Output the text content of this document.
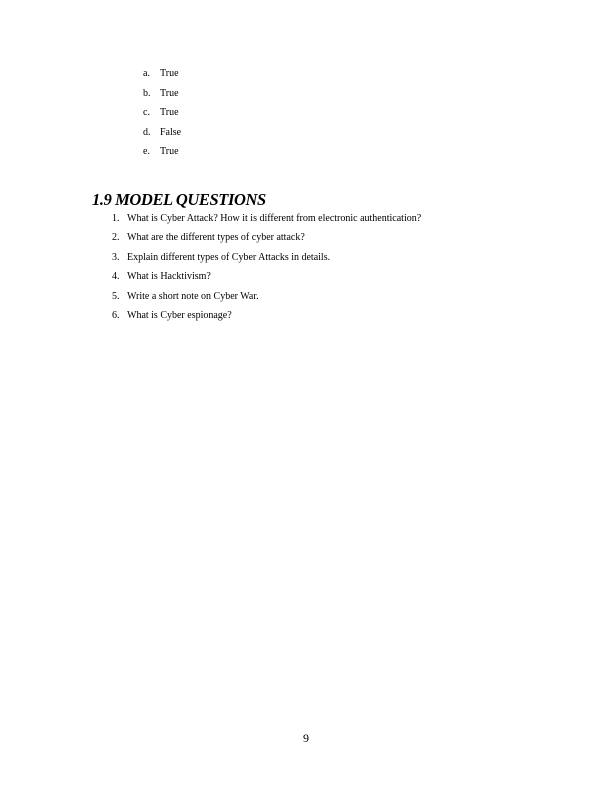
a. True
b. True
c. True
d. False
e. True
1.9 MODEL QUESTIONS
1. What is Cyber Attack? How it is different from electronic authentication?
2. What are the different types of cyber attack?
3. Explain different types of Cyber Attacks in details.
4. What is Hacktivism?
5. Write a short note on Cyber War.
6. What is Cyber espionage?
9
